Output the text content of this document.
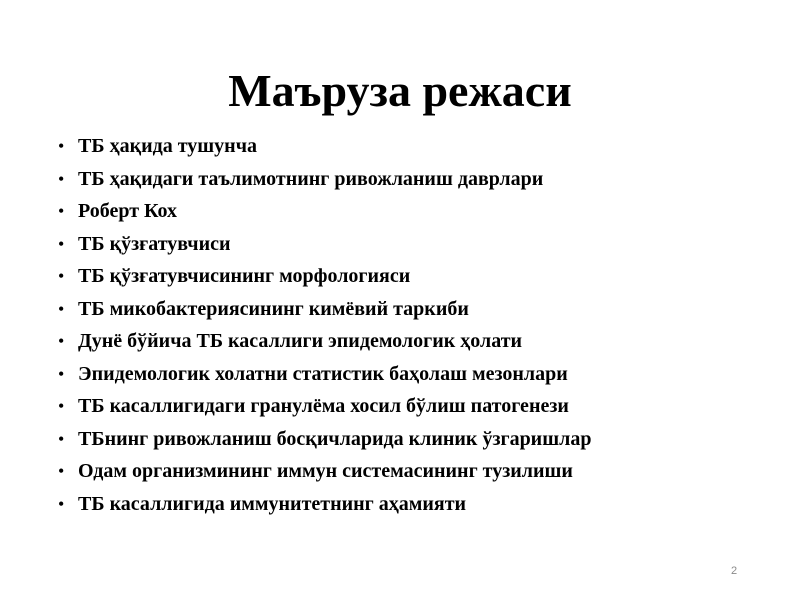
Маъруза режаси
• ТБ ҳақида тушунча
• ТБ ҳақидаги таълимотнинг ривожланиш даврлари
• Роберт Кох
• ТБ қўзғатувчиси
• ТБ қўзғатувчисининг морфологияси
• ТБ микобактериясининг кимёвий таркиби
• Дунё бўйича ТБ касаллиги эпидемологик ҳолати
• Эпидемологик холатни статистик баҳолаш мезонлари
• ТБ касаллигидаги гранулёма хосил бўлиш патогенези
• ТБнинг ривожланиш босқичларида клиник ўзгаришлар
• Одам организмининг иммун системасининг тузилиши
• ТБ касаллигида иммунитетнинг аҳамияти
2
